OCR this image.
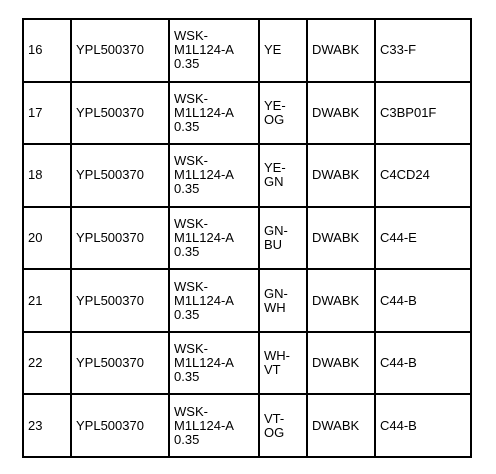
16	YPL500370	WSK-
M1L124-A
0.35	YE	DWABK	C33-F
17	YPL500370	WSK-
M1L124-A
0.35	YE-
OG	DWABK	C3BP01F
18	YPL500370	WSK-
M1L124-A
0.35	YE-
GN	DWABK	C4CD24
20	YPL500370	WSK-
M1L124-A
0.35	GN-
BU	DWABK	C44-E
21	YPL500370	WSK-
M1L124-A
0.35	GN-
WH	DWABK	C44-B
22	YPL500370	WSK-
M1L124-A
0.35	WH-
VT	DWABK	C44-B
23	YPL500370	WSK-
M1L124-A
0.35	VT-
OG	DWABK	C44-B
